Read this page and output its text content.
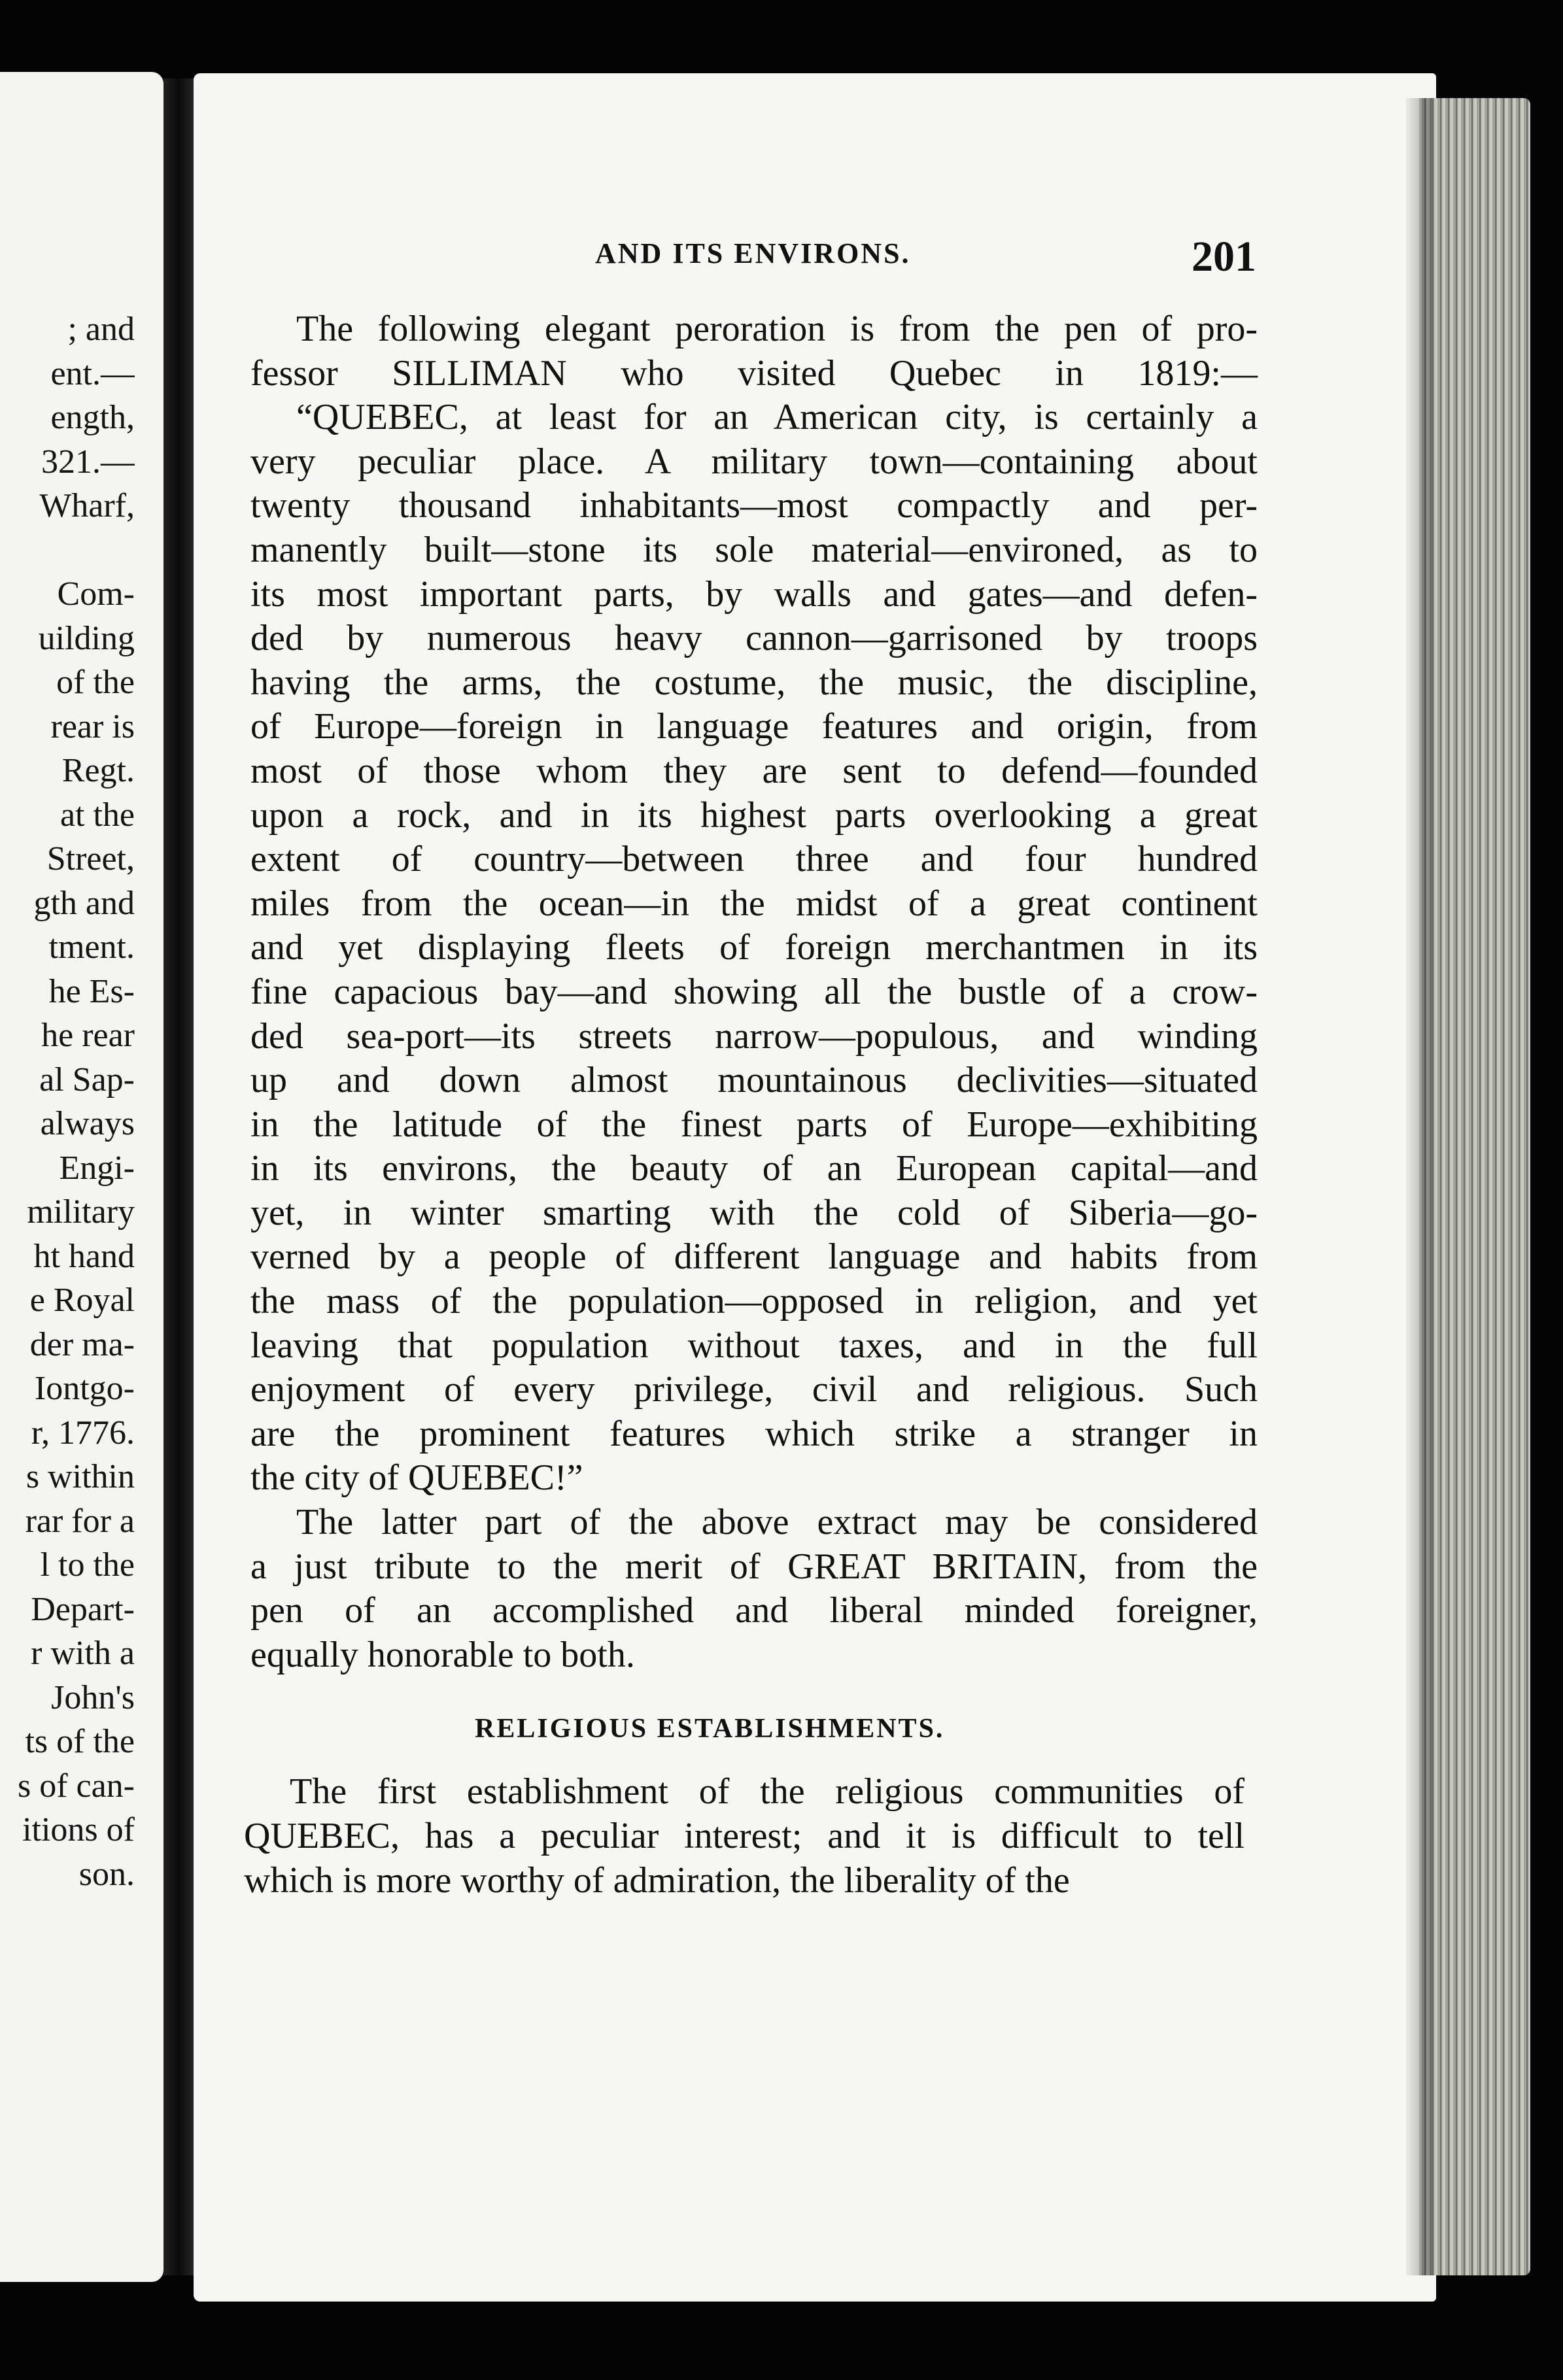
; and
ent.—
ength,
321.—
Wharf,
Com-
uilding
of the
rear is
Regt.
at the
Street,
gth and
tment.
he Es-
he rear
al Sap-
always
Engi-
military
ht hand
e Royal
der ma-
Iontgo-
r, 1776.
s within
rar for a
l to the
Depart-
r with a
John's
ts of the
s of can-
itions of
son.
AND ITS ENVIRONS.	201
The following elegant peroration is from the pen of pro-
fessor SILLIMAN who visited Quebec in 1819:—
“QUEBEC, at least for an American city, is certainly a
very peculiar place. A military town—containing about
twenty thousand inhabitants—most compactly and per-
manently built—stone its sole material—environed, as to
its most important parts, by walls and gates—and defen-
ded by numerous heavy cannon—garrisoned by troops
having the arms, the costume, the music, the discipline,
of Europe—foreign in language features and origin, from
most of those whom they are sent to defend—founded
upon a rock, and in its highest parts overlooking a great
extent of country—between three and four hundred
miles from the ocean—in the midst of a great continent
and yet displaying fleets of foreign merchantmen in its
fine capacious bay—and showing all the bustle of a crow-
ded sea-port—its streets narrow—populous, and winding
up and down almost mountainous declivities—situated
in the latitude of the finest parts of Europe—exhibiting
in its environs, the beauty of an European capital—and
yet, in winter smarting with the cold of Siberia—go-
verned by a people of different language and habits from
the mass of the population—opposed in religion, and yet
leaving that population without taxes, and in the full
enjoyment of every privilege, civil and religious. Such
are the prominent features which strike a stranger in
the city of QUEBEC!”
The latter part of the above extract may be considered
a just tribute to the merit of GREAT BRITAIN, from the
pen of an accomplished and liberal minded foreigner,
equally honorable to both.
RELIGIOUS ESTABLISHMENTS.
The first establishment of the religious communities of
QUEBEC, has a peculiar interest; and it is difficult to tell
which is more worthy of admiration, the liberality of the
